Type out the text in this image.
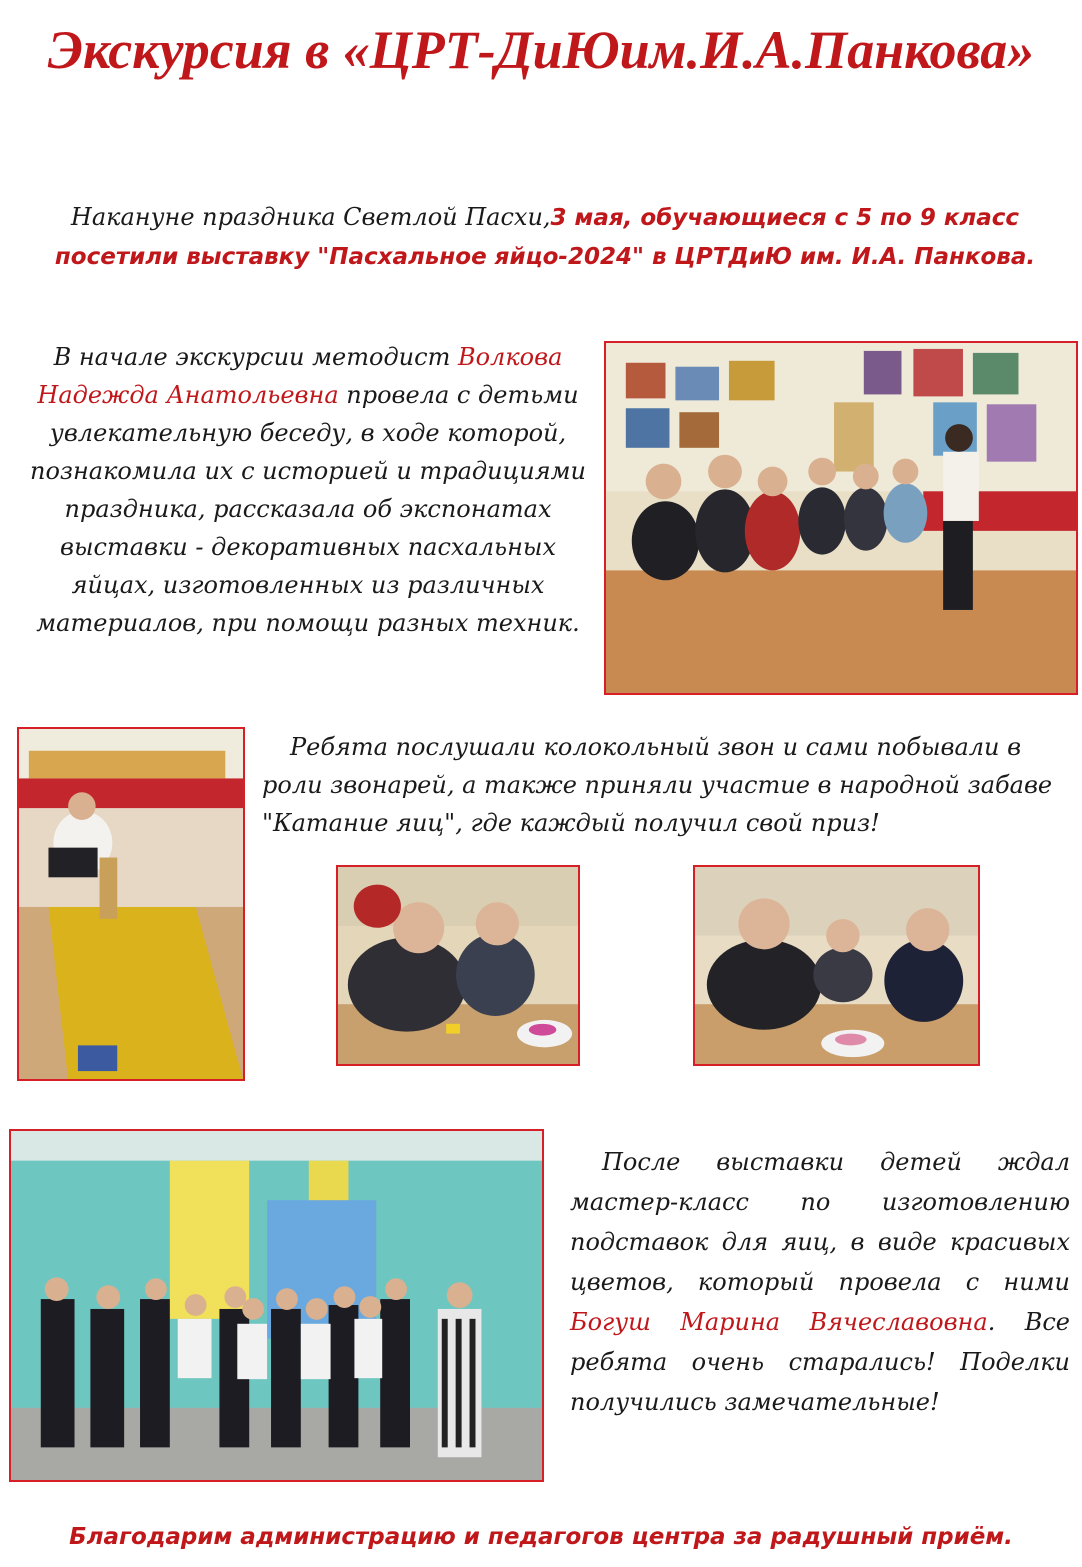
Экскурсия в «ЦРТ-ДиЮим.И.А.Панкова»
Накануне праздника Светлой Пасхи,3 мая, обучающиеся с 5 по 9 класс посетили выставку "Пасхальное яйцо-2024" в ЦРТДиЮ им. И.А. Панкова.
В начале экскурсии методист Волкова Надежда Анатольевна провела с детьми увлекательную беседу, в ходе которой, познакомила их с историей и традициями праздника, рассказала об экспонатах выставки - декоративных пасхальных яйцах, изготовленных из различных материалов, при помощи разных техник.
Ребята послушали колокольный звон и сами побывали в роли звонарей, а также приняли участие в народной забаве "Катание яиц", где каждый получил свой приз!
После выставки детей ждал мастер-класс по изготовлению подставок для яиц, в виде красивых цветов, который провела с ними Богуш Марина Вячеславовна. Все ребята очень старались! Поделки получились замечательные!
Благодарим администрацию и педагогов центра за радушный приём.
